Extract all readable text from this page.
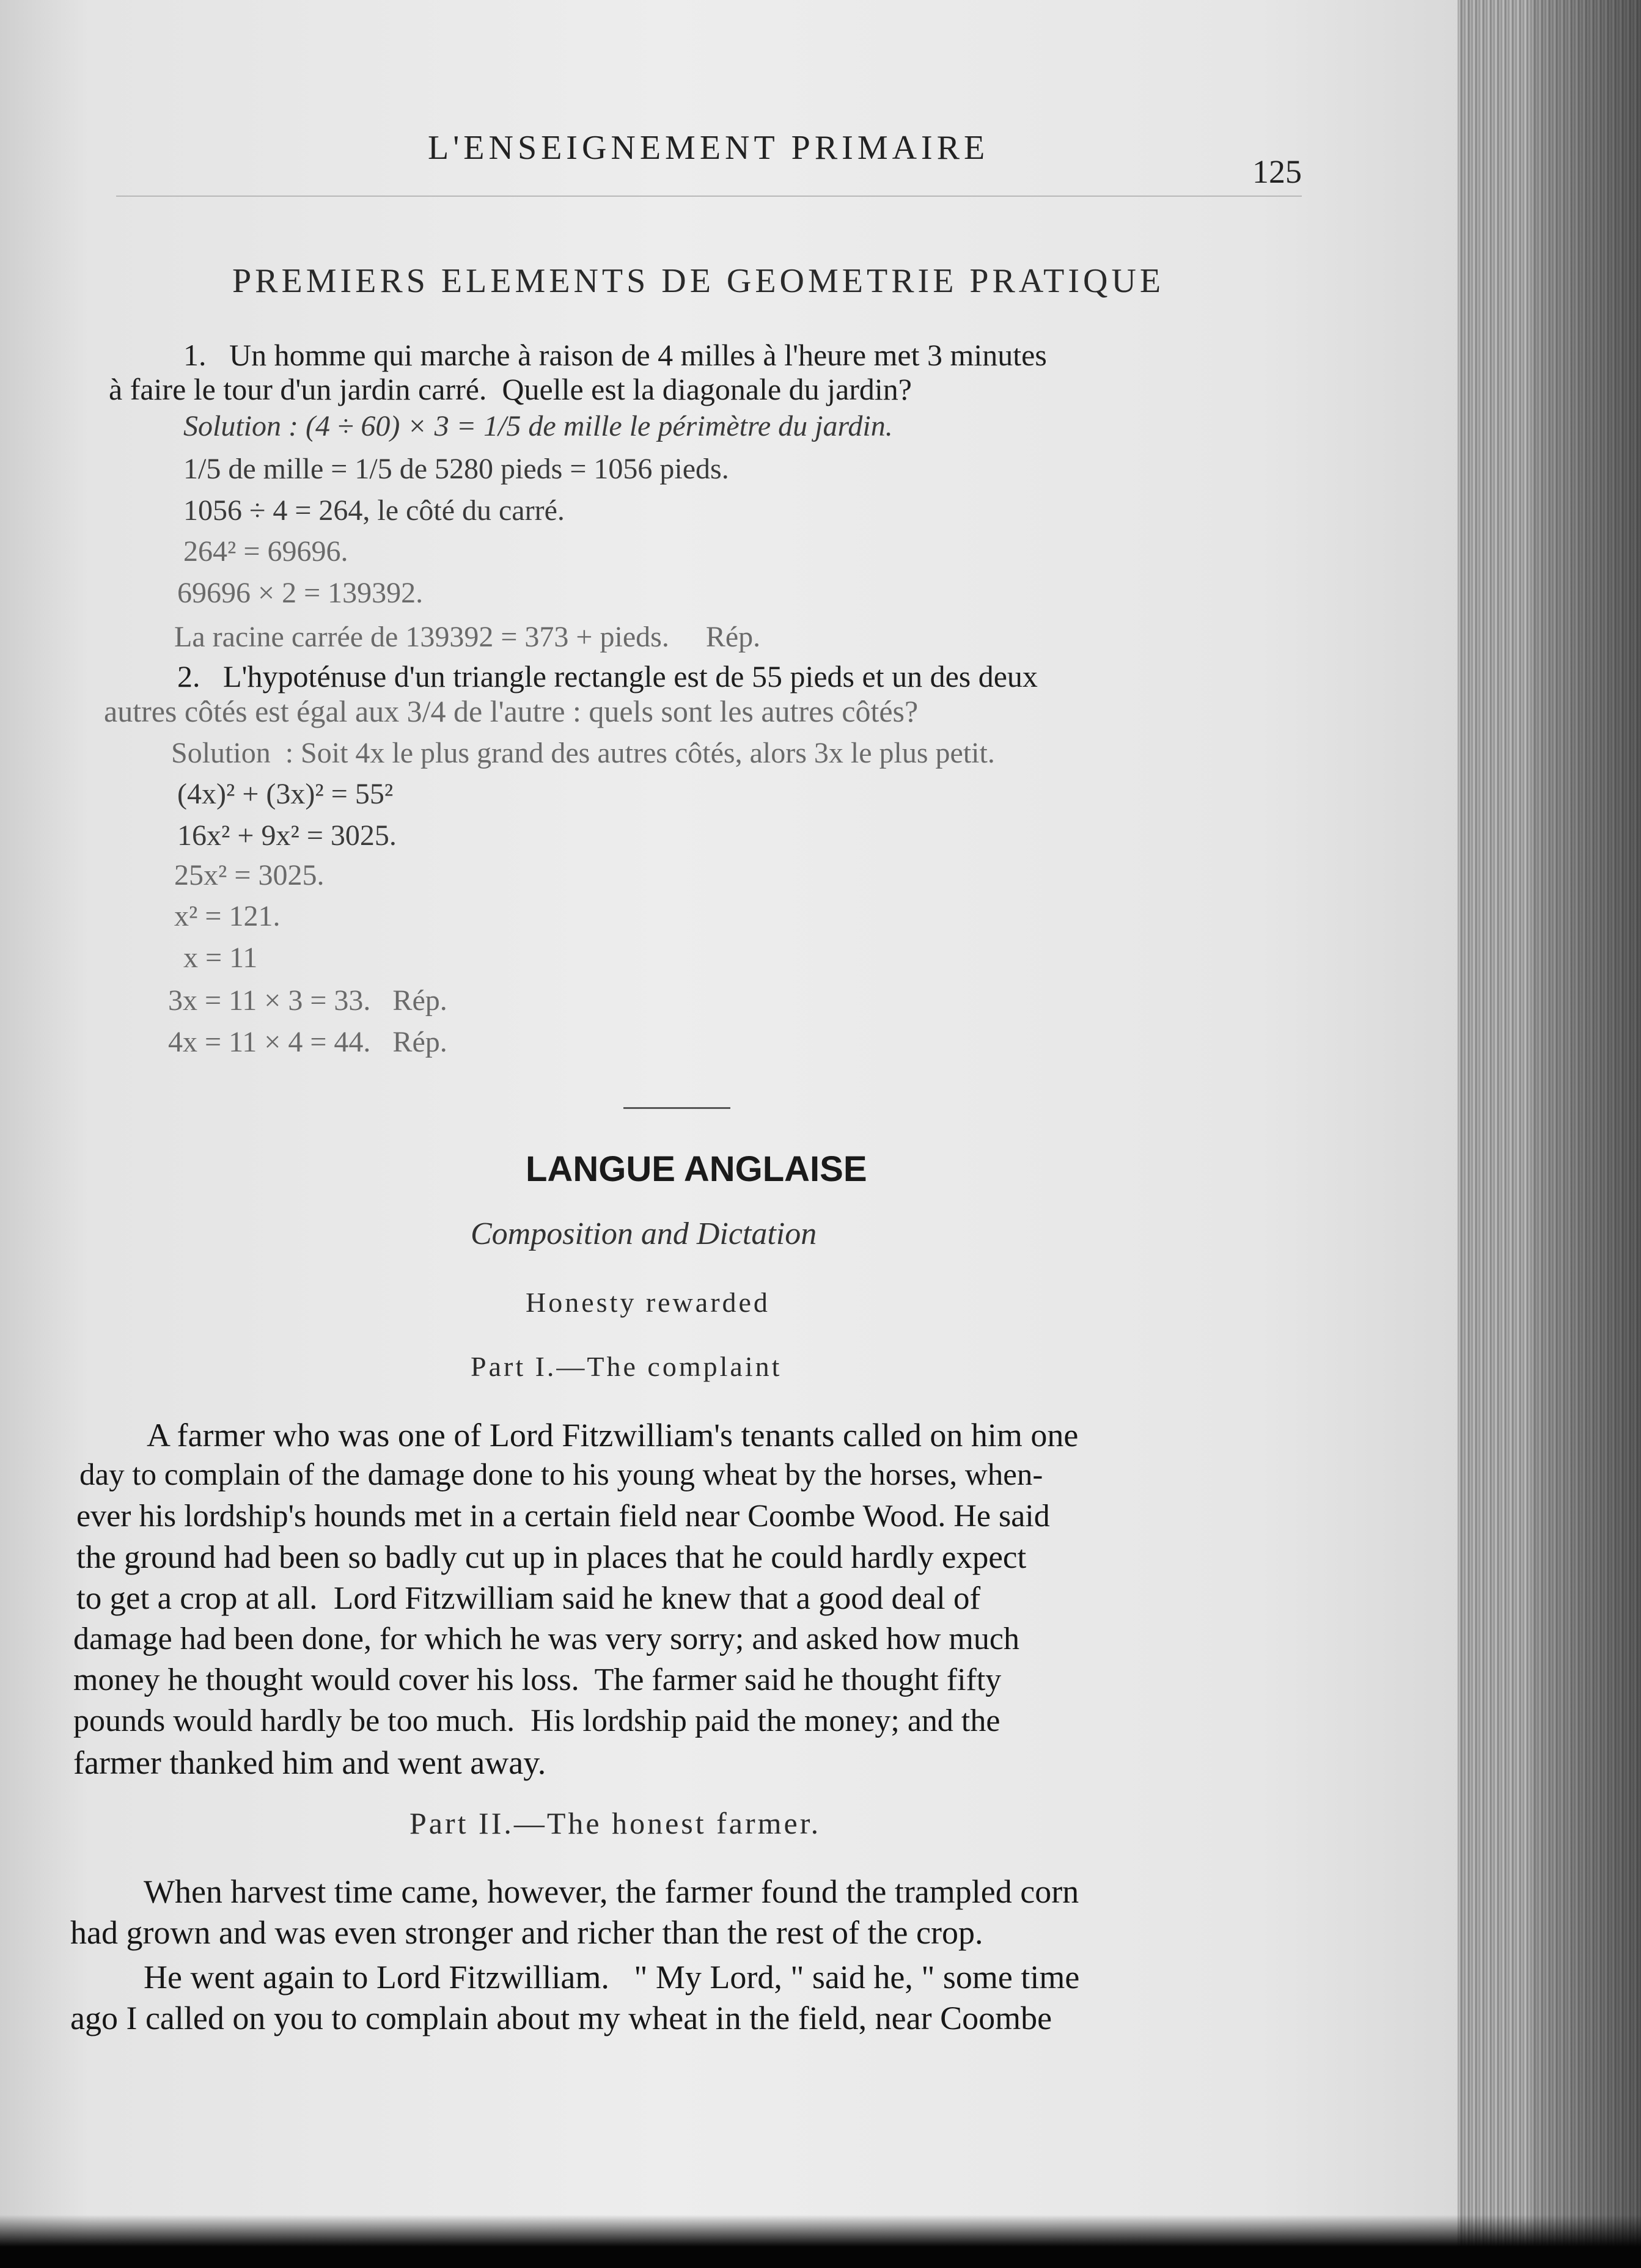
L'ENSEIGNEMENT PRIMAIRE
125
PREMIERS ELEMENTS DE GEOMETRIE PRATIQUE
1.   Un homme qui marche à raison de 4 milles à l'heure met 3 minutes
à faire le tour d'un jardin carré.  Quelle est la diagonale du jardin?
Solution : (4 ÷ 60) × 3 = 1/5 de mille le périmètre du jardin.
1/5 de mille = 1/5 de 5280 pieds = 1056 pieds.
1056 ÷ 4 = 264, le côté du carré.
264² = 69696.
69696 × 2 = 139392.
La racine carrée de 139392 = 373 + pieds.     Rép.
2.   L'hypoténuse d'un triangle rectangle est de 55 pieds et un des deux
autres côtés est égal aux 3/4 de l'autre : quels sont les autres côtés?
Solution  : Soit 4x le plus grand des autres côtés, alors 3x le plus petit.
(4x)² + (3x)² = 55²
16x² + 9x² = 3025.
25x² = 3025.
x² = 121.
x = 11
3x = 11 × 3 = 33.   Rép.
4x = 11 × 4 = 44.   Rép.
LANGUE ANGLAISE
Composition and Dictation
Honesty rewarded
Part I.—The complaint
A farmer who was one of Lord Fitzwilliam's tenants called on him one
day to complain of the damage done to his young wheat by the horses, when-
ever his lordship's hounds met in a certain field near Coombe Wood. He said
the ground had been so badly cut up in places that he could hardly expect
to get a crop at all.  Lord Fitzwilliam said he knew that a good deal of
damage had been done, for which he was very sorry; and asked how much
money he thought would cover his loss.  The farmer said he thought fifty
pounds would hardly be too much.  His lordship paid the money; and the
farmer thanked him and went away.
Part II.—The honest farmer.
When harvest time came, however, the farmer found the trampled corn
had grown and was even stronger and richer than the rest of the crop.
He went again to Lord Fitzwilliam.   " My Lord, " said he, " some time
ago I called on you to complain about my wheat in the field, near Coombe
